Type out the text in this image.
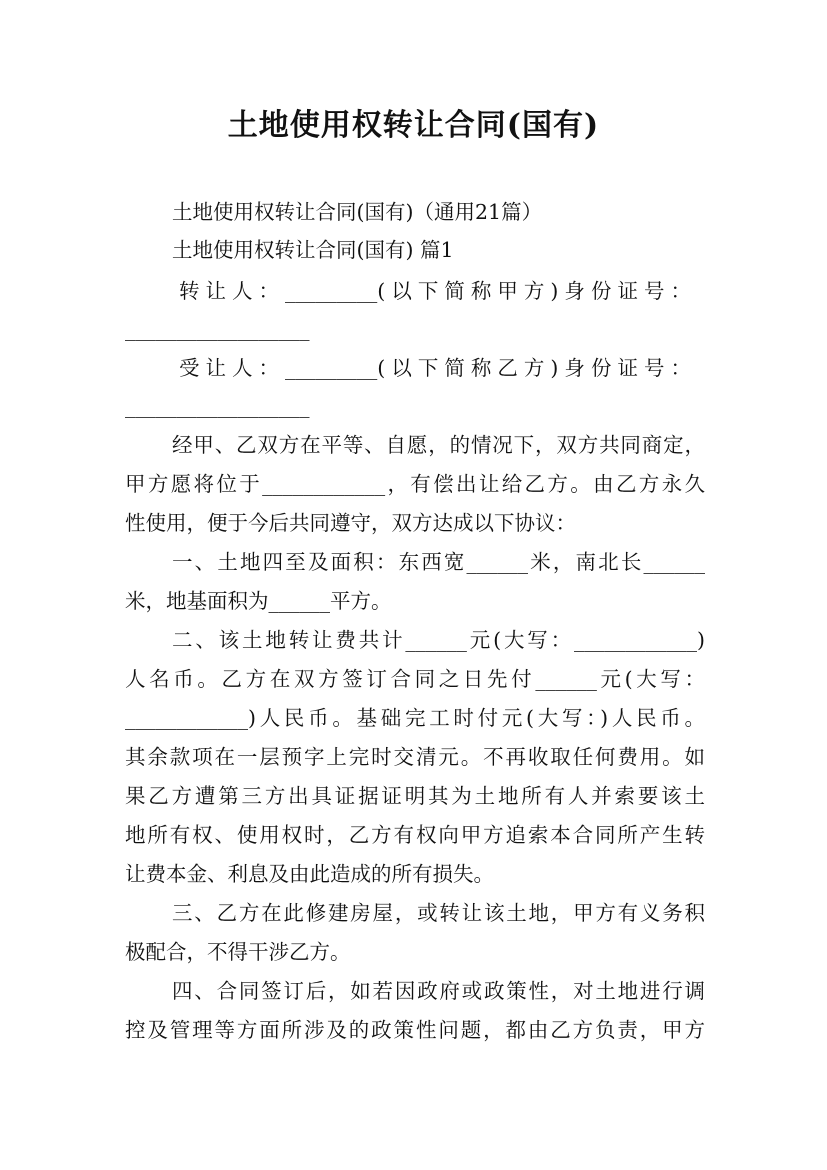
土地使用权转让合同(国有)
土地使用权转让合同(国有)（通用21篇）
土地使用权转让合同(国有) 篇1
转让人：_________(以下简称甲方)身份证号：
__________________
受让人：_________(以下简称乙方)身份证号：
__________________
经甲、乙双方在平等、自愿，的情况下，双方共同商定，
甲方愿将位于____________，有偿出让给乙方。由乙方永久
性使用，便于今后共同遵守，双方达成以下协议：
一、土地四至及面积：东西宽______米，南北长______
米，地基面积为______平方。
二、该土地转让费共计______元(大写：____________)
人名币。乙方在双方签订合同之日先付______元(大写：
____________)人民币。基础完工时付元(大写：)人民币。
其余款项在一层预字上完时交清元。不再收取任何费用。如
果乙方遭第三方出具证据证明其为土地所有人并索要该土
地所有权、使用权时，乙方有权向甲方追索本合同所产生转
让费本金、利息及由此造成的所有损失。
三、乙方在此修建房屋，或转让该土地，甲方有义务积
极配合，不得干涉乙方。
四、合同签订后，如若因政府或政策性，对土地进行调
控及管理等方面所涉及的政策性问题，都由乙方负责，甲方
